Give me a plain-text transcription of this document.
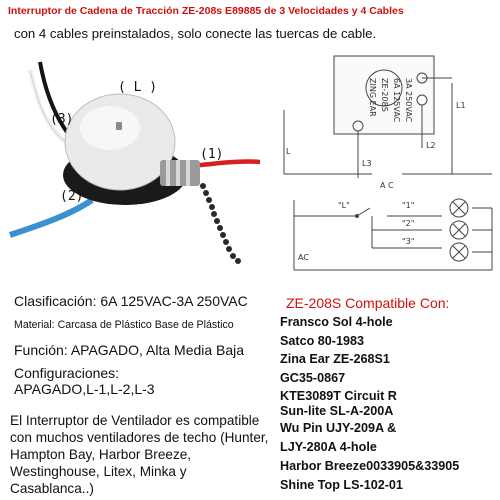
Interruptor de Cadena de Tracción ZE-208s E89885 de 3 Velocidades y 4 Cables
con 4 cables preinstalados, solo conecte las tuercas de cable.
( L )
(3)
(1)
(2)
ZING EAR ZE-208S 6A 125VAC 3A 250VAC	L1
L2
L3
L
A C
AC
"L"	"1"
"2"
"3"
Clasificación: 6A 125VAC-3A 250VAC
Material: Carcasa de Plástico Base de Plástico
Función: APAGADO, Alta Media Baja
Configuraciones:
APAGADO,L-1,L-2,L-3
ZE-208S Compatible Con:
Fransco Sol 4-hole
Satco 80-1983
Zina Ear ZE-268S1
GC35-0867
KTE3089T Circuit R
Sun-lite SL-A-200A
Wu Pin UJY-209A &
LJY-280A 4-hole
Harbor Breeze0033905&33905
Shine Top LS-102-01
El Interruptor de Ventilador es compatible con muchos ventiladores de techo (Hunter, Hampton Bay, Harbor Breeze, Westinghouse, Litex, Minka y Casablanca..)
